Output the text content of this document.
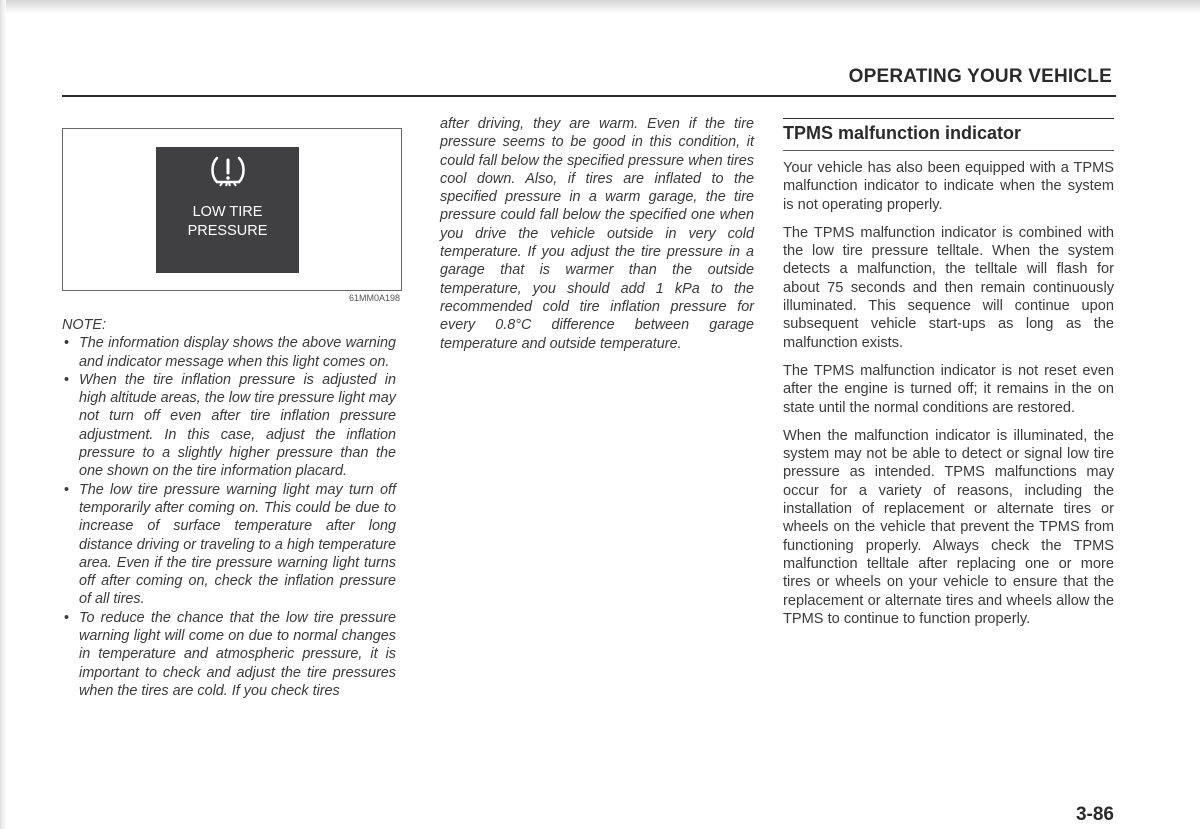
OPERATING YOUR VEHICLE
LOW TIRE
PRESSURE
61MM0A198

NOTE:

• The information display shows the above warning and indicator message when this light comes on.
• When the tire inflation pressure is adjusted in high altitude areas, the low tire pressure light may not turn off even after tire inflation pressure adjustment. In this case, adjust the inflation pressure to a slightly higher pressure than the one shown on the tire information placard.
• The low tire pressure warning light may turn off temporarily after coming on. This could be due to increase of surface temperature after long distance driving or traveling to a high temperature area. Even if the tire pressure warning light turns off after coming on, check the inflation pressure of all tires.
• To reduce the chance that the low tire pressure warning light will come on due to normal changes in temperature and atmospheric pressure, it is important to check and adjust the tire pressures when the tires are cold. If you check tires
after driving, they are warm. Even if the tire pressure seems to be good in this condition, it could fall below the specified pressure when tires cool down. Also, if tires are inflated to the specified pressure in a warm garage, the tire pressure could fall below the specified one when you drive the vehicle outside in very cold temperature. If you adjust the tire pressure in a garage that is warmer than the outside temperature, you should add 1 kPa to the recommended cold tire inflation pressure for every 0.8°C difference between garage temperature and outside temperature.
TPMS malfunction indicator

Your vehicle has also been equipped with a TPMS malfunction indicator to indicate when the system is not operating properly.

The TPMS malfunction indicator is combined with the low tire pressure telltale. When the system detects a malfunction, the telltale will flash for about 75 seconds and then remain continuously illuminated. This sequence will continue upon subsequent vehicle start-ups as long as the malfunction exists.

The TPMS malfunction indicator is not reset even after the engine is turned off; it remains in the on state until the normal conditions are restored.

When the malfunction indicator is illuminated, the system may not be able to detect or signal low tire pressure as intended. TPMS malfunctions may occur for a variety of reasons, including the installation of replacement or alternate tires or wheels on the vehicle that prevent the TPMS from functioning properly. Always check the TPMS malfunction telltale after replacing one or more tires or wheels on your vehicle to ensure that the replacement or alternate tires and wheels allow the TPMS to continue to function properly.

3-86
